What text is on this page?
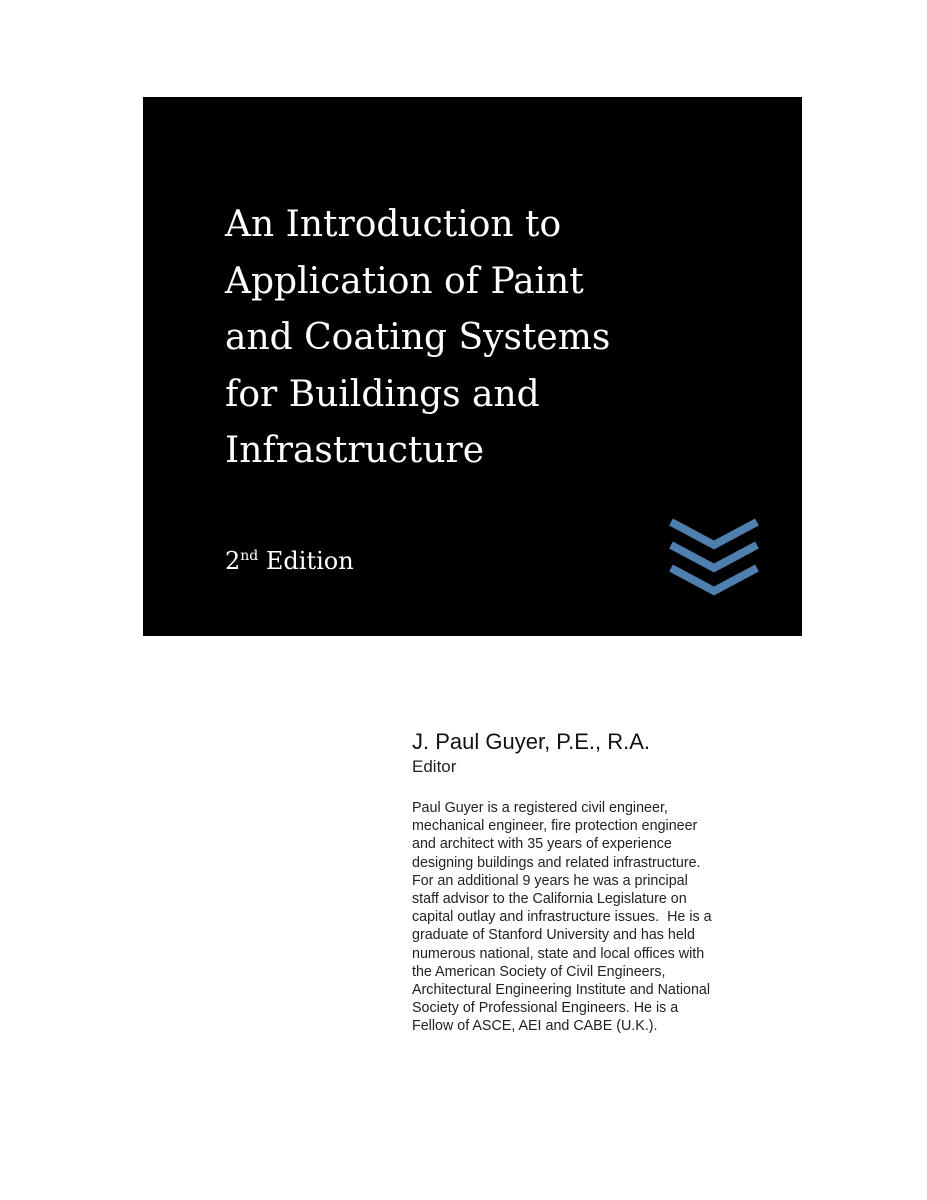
An Introduction to
Application of Paint
and Coating Systems
for Buildings and
Infrastructure
2nd Edition
J. Paul Guyer, P.E., R.A.
Editor

Paul Guyer is a registered civil engineer,
mechanical engineer, fire protection engineer
and architect with 35 years of experience
designing buildings and related infrastructure.
For an additional 9 years he was a principal
staff advisor to the California Legislature on
capital outlay and infrastructure issues.  He is a
graduate of Stanford University and has held
numerous national, state and local offices with
the American Society of Civil Engineers,
Architectural Engineering Institute and National
Society of Professional Engineers. He is a
Fellow of ASCE, AEI and CABE (U.K.).
